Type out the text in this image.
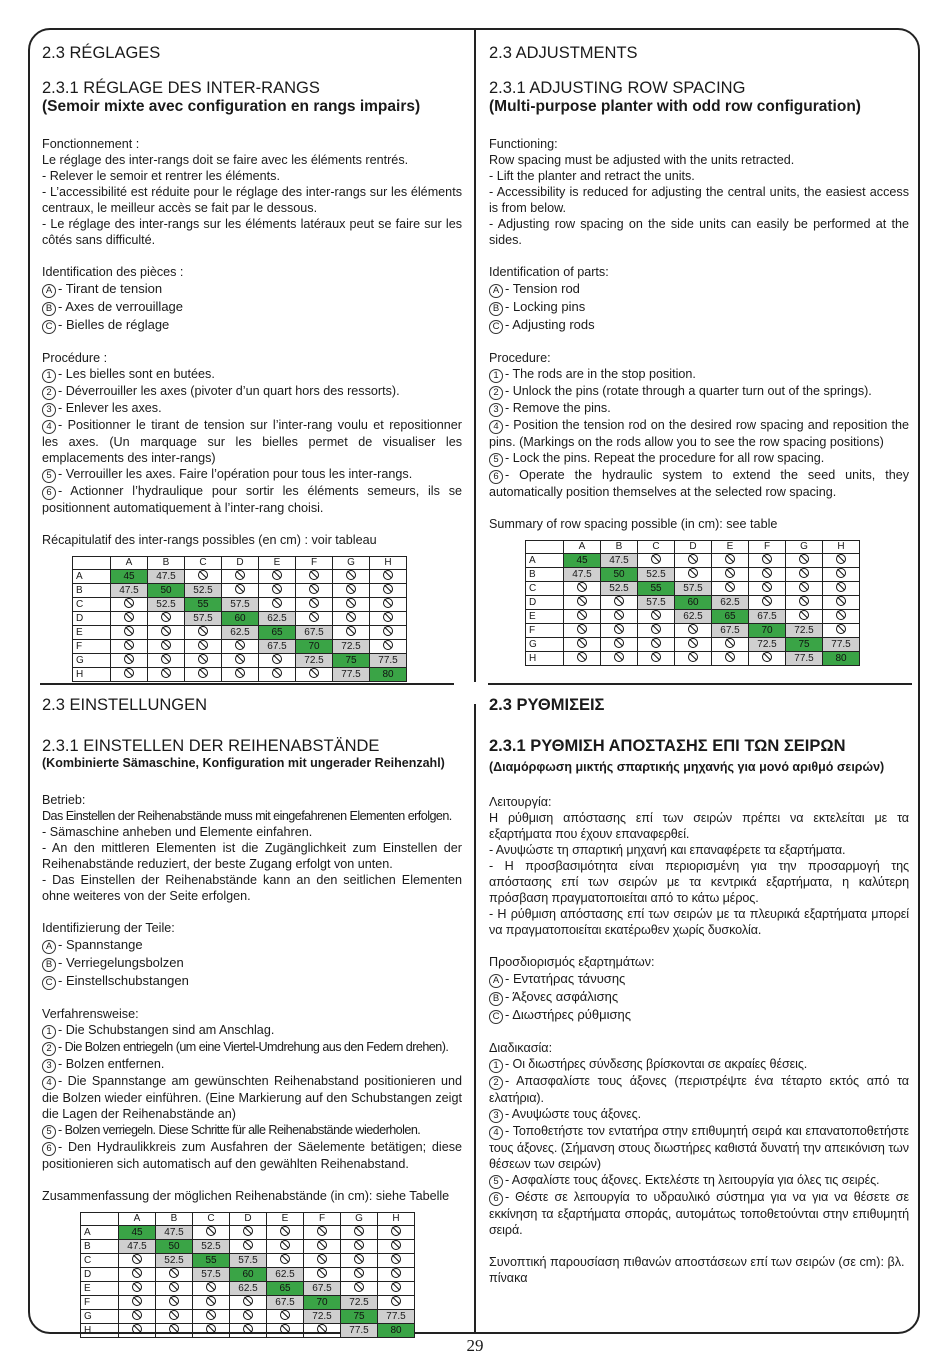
2.3 RÉGLAGES
2.3.1 RÉGLAGE DES INTER-RANGS
(Semoir mixte avec configuration en rangs impairs)
Fonctionnement :

Le réglage des inter-rangs doit se faire avec les éléments rentrés.

- Relever le semoir et rentrer les éléments.

- L’accessibilité est réduite pour le réglage des inter-rangs sur les éléments centraux, le meilleur accès se fait par le dessous.

- Le réglage des inter-rangs sur les éléments latéraux peut se faire sur les côtés sans difficulté.

Identification des pièces :
A - Tirant de tension
B - Axes de verrouillage
C - Bielles de réglage
Procédure :

1 - Les bielles sont en butées.

2 - Déverrouiller les axes (pivoter d’un quart hors des ressorts).

3 - Enlever les axes.

4 - Positionner le tirant de tension sur l’inter-rang voulu et repositionner les axes. (Un marquage sur les bielles permet de visualiser les emplacements des inter-rangs)

5 - Verrouiller les axes. Faire l’opération pour tous les inter-rangs.

6 - Actionner l’hydraulique pour sortir les éléments semeurs, ils se positionnent automatiquement à l’inter-rang choisi.

Récapitulatif des inter-rangs possibles (en cm) : voir tableau
	A	B	C	D	E	F	G	H
A	45	47.5						
B	47.5	50	52.5					
C		52.5	55	57.5				
D			57.5	60	62.5			
E				62.5	65	67.5		
F					67.5	70	72.5	
G						72.5	75	77.5
H							77.5	80
2.3 ADJUSTMENTS
2.3.1 ADJUSTING ROW SPACING
(Multi-purpose planter with odd row configuration)
Functioning:

Row spacing must be adjusted with the units retracted.

- Lift the planter and retract the units.

- Accessibility is reduced for adjusting the central units, the easiest access is from below.

- Adjusting row spacing on the side units can easily be performed at the sides.

Identification of parts:
A - Tension rod
B - Locking pins
C - Adjusting rods
Procedure:

1 - The rods are in the stop position.

2 - Unlock the pins (rotate through a quarter turn out of the springs).

3 - Remove the pins.

4 - Position the tension rod on the desired row spacing and reposition the pins. (Markings on the rods allow you to see the row spacing positions)

5 - Lock the pins. Repeat the procedure for all row spacing.

6 - Operate the hydraulic system to extend the seed units, they automatically position themselves at the selected row spacing.

Summary of row spacing possible (in cm): see table
	A	B	C	D	E	F	G	H
A	45	47.5						
B	47.5	50	52.5					
C		52.5	55	57.5				
D			57.5	60	62.5			
E				62.5	65	67.5		
F					67.5	70	72.5	
G						72.5	75	77.5
H							77.5	80
2.3 EINSTELLUNGEN
2.3.1 EINSTELLEN DER REIHENABSTÄNDE
(Kombinierte Sämaschine, Konfiguration mit ungerader Reihenzahl)
Betrieb:

Das Einstellen der Reihenabstände muss mit eingefahrenen Elementen erfolgen.

- Sämaschine anheben und Elemente einfahren.

- An den mittleren Elementen ist die Zugänglichkeit zum Einstellen der Reihenabstände reduziert, der beste Zugang erfolgt von unten.

- Das Einstellen der Reihenabstände kann an den seitlichen Elementen ohne weiteres von der Seite erfolgen.

Identifizierung der Teile:
A - Spannstange
B - Verriegelungsbolzen
C - Einstellschubstangen
Verfahrensweise:

1 - Die Schubstangen sind am Anschlag.

2 - Die Bolzen entriegeln (um eine Viertel-Umdrehung aus den Federn drehen).

3 - Bolzen entfernen.

4 - Die Spannstange am gewünschten Reihenabstand positionieren und die Bolzen wieder einführen. (Eine Markierung auf den Schubstangen zeigt die Lagen der Reihenabstände an)

5 - Bolzen verriegeln. Diese Schritte für alle Reihenabstände wiederholen.

6 - Den Hydraulikkreis zum Ausfahren der Säelemente betätigen; diese positionieren sich automatisch auf den gewählten Reihenabstand.

Zusammenfassung der möglichen Reihenabstände (in cm): siehe Tabelle
	A	B	C	D	E	F	G	H
A	45	47.5						
B	47.5	50	52.5					
C		52.5	55	57.5				
D			57.5	60	62.5			
E				62.5	65	67.5		
F					67.5	70	72.5	
G						72.5	75	77.5
H							77.5	80
2.3 ΡΥΘΜΙΣΕΙΣ
2.3.1 ΡΥΘΜΙΣΗ ΑΠΟΣΤΑΣΗΣ ΕΠΙ ΤΩΝ ΣΕΙΡΩΝ
(Διαμόρφωση μικτής σπαρτικής μηχανής για μονό αριθμό σειρών)
Λειτουργία:

Η ρύθμιση απόστασης επί των σειρών πρέπει να εκτελείται με τα εξαρτήματα που έχουν επαναφερθεί.

- Ανυψώστε τη σπαρτική μηχανή και επαναφέρετε τα εξαρτήματα.

- Η προσβασιμότητα είναι περιορισμένη για την προσαρμογή της απόστασης επί των σειρών με τα κεντρικά εξαρτήματα, η καλύτερη πρόσβαση πραγματοποιείται από το κάτω μέρος.

- Η ρύθμιση απόστασης επί των σειρών με τα πλευρικά εξαρτήματα μπορεί να πραγματοποιείται εκατέρωθεν χωρίς δυσκολία.

Προσδιορισμός εξαρτημάτων:
A - Εντατήρας τάνυσης
B - Άξονες ασφάλισης
C - Διωστήρες ρύθμισης
Διαδικασία:

1 - Οι διωστήρες σύνδεσης βρίσκονται σε ακραίες θέσεις.

2 - Απασφαλίστε τους άξονες (περιστρέψτε ένα τέταρτο εκτός από τα ελατήρια).

3 - Ανυψώστε τους άξονες.

4 - Τοποθετήστε τον εντατήρα στην επιθυμητή σειρά και επανατοποθετήστε τους άξονες. (Σήμανση στους διωστήρες καθιστά δυνατή την απεικόνιση των θέσεων των σειρών)

5 - Ασφαλίστε τους άξονες. Εκτελέστε τη λειτουργία για όλες τις σειρές.

6 - Θέστε σε λειτουργία το υδραυλικό σύστημα για να για να θέσετε σε εκκίνηση τα εξαρτήματα σποράς, αυτομάτως τοποθετούνται στην επιθυμητή σειρά.

Συνοπτική παρουσίαση πιθανών αποστάσεων επί των σειρών (σε cm): βλ. πίνακα
29
